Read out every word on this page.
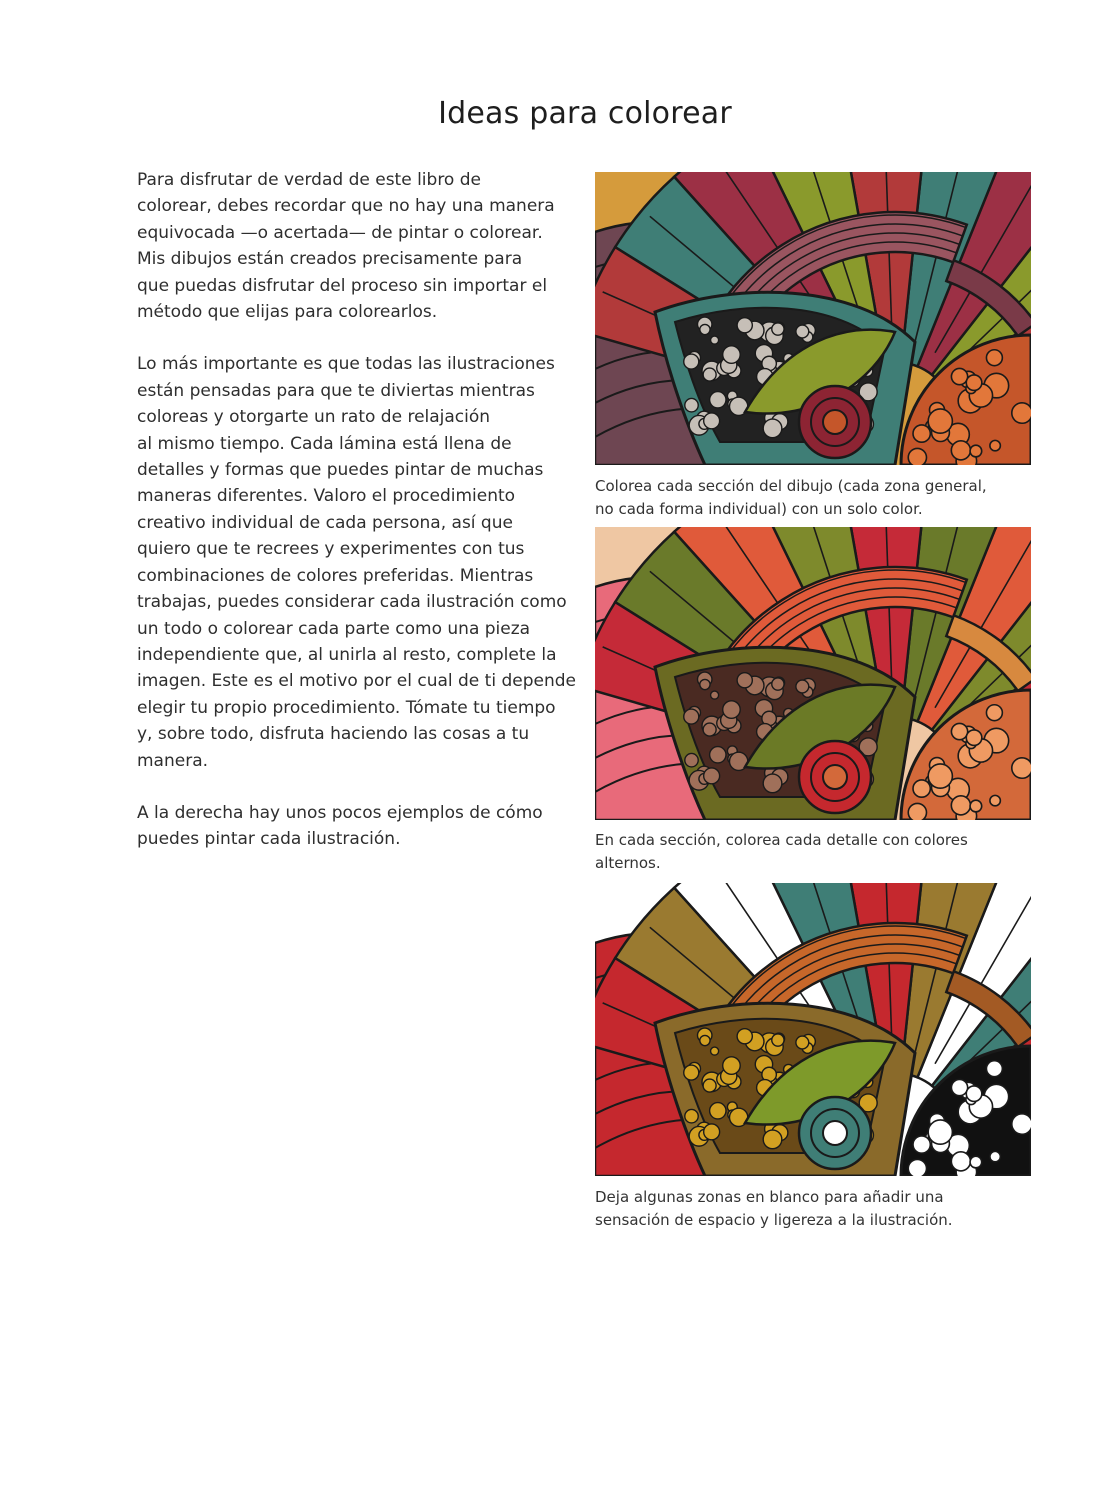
Ideas para colorear

Para disfrutar de verdad de este libro de
colorear, debes recordar que no hay una manera
equivocada —o acertada— de pintar o colorear.
Mis dibujos están creados precisamente para
que puedas disfrutar del proceso sin importar el
método que elijas para colorearlos.

Lo más importante es que todas las ilustraciones
están pensadas para que te diviertas mientras
coloreas y otorgarte un rato de relajación
al mismo tiempo. Cada lámina está llena de
detalles y formas que puedes pintar de muchas
maneras diferentes. Valoro el procedimiento
creativo individual de cada persona, así que
quiero que te recrees y experimentes con tus
combinaciones de colores preferidas. Mientras
trabajas, puedes considerar cada ilustración como
un todo o colorear cada parte como una pieza
independiente que, al unirla al resto, complete la
imagen. Este es el motivo por el cual de ti depende
elegir tu propio procedimiento. Tómate tu tiempo
y, sobre todo, disfruta haciendo las cosas a tu
manera.

A la derecha hay unos pocos ejemplos de cómo
puedes pintar cada ilustración.

Colorea cada sección del dibujo (cada zona general,
no cada forma individual) con un solo color.
En cada sección, colorea cada detalle con colores
alternos.
Deja algunas zonas en blanco para añadir una
sensación de espacio y ligereza a la ilustración.
